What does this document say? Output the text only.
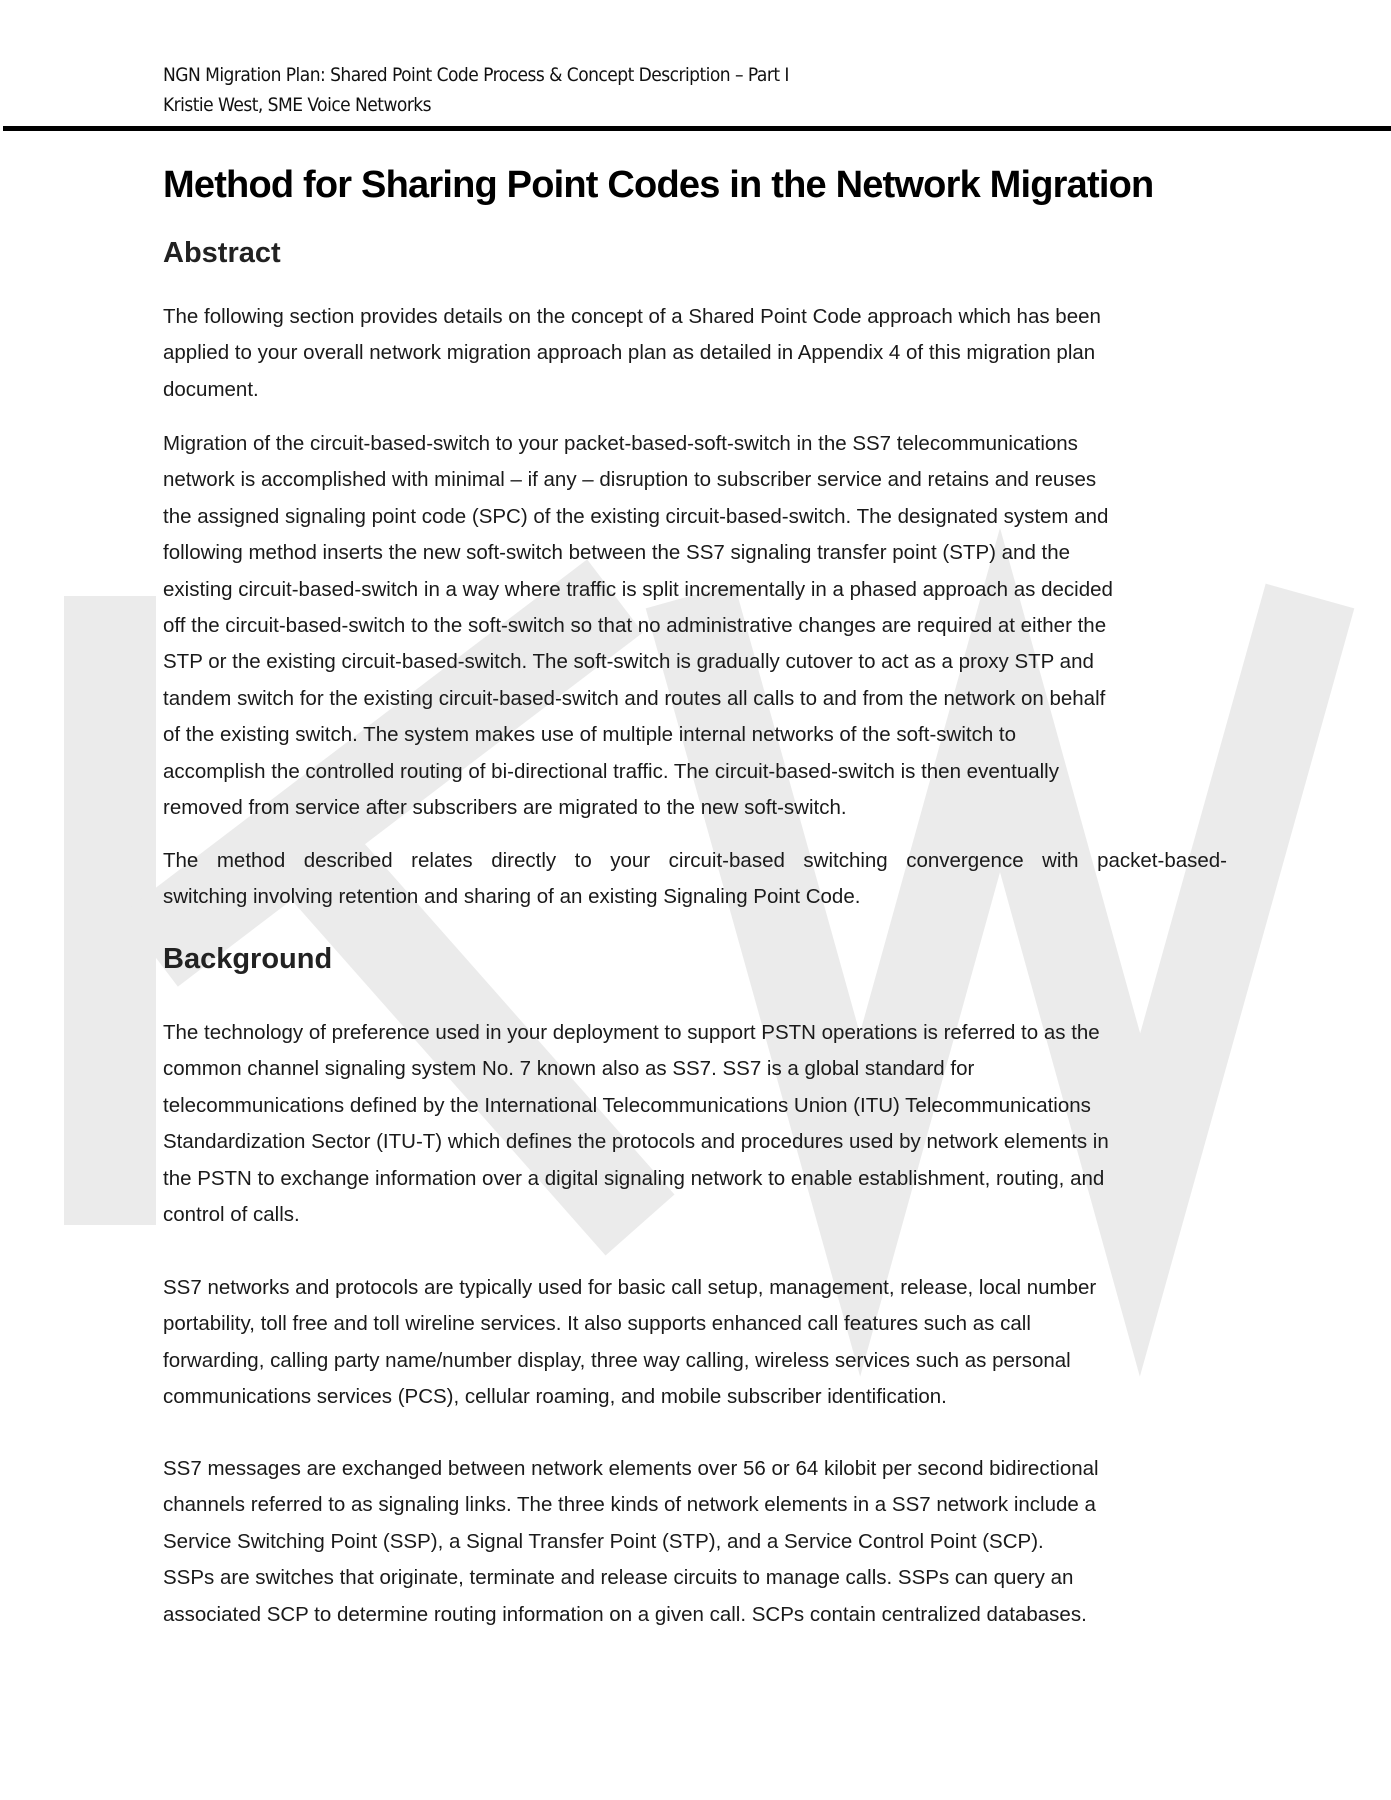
NGN Migration Plan: Shared Point Code Process & Concept Description – Part I
Kristie West, SME Voice Networks
Method for Sharing Point Codes in the Network Migration
Abstract
The following section provides details on the concept of a Shared Point Code approach which has been
applied to your overall network migration approach plan as detailed in Appendix 4 of this migration plan
document.
Migration of the circuit-based-switch to your packet-based-soft-switch in the SS7 telecommunications
network is accomplished with minimal – if any – disruption to subscriber service and retains and reuses
the assigned signaling point code (SPC) of the existing circuit-based-switch. The designated system and
following method inserts the new soft-switch between the SS7 signaling transfer point (STP) and the
existing circuit-based-switch in a way where traffic is split incrementally in a phased approach as decided
off the circuit-based-switch to the soft-switch so that no administrative changes are required at either the
STP or the existing circuit-based-switch. The soft-switch is gradually cutover to act as a proxy STP and
tandem switch for the existing circuit-based-switch and routes all calls to and from the network on behalf
of the existing switch. The system makes use of multiple internal networks of the soft-switch to
accomplish the controlled routing of bi-directional traffic. The circuit-based-switch is then eventually
removed from service after subscribers are migrated to the new soft-switch.
The method described relates directly to your circuit-based switching convergence with packet-based-
switching involving retention and sharing of an existing Signaling Point Code.
Background
The technology of preference used in your deployment to support PSTN operations is referred to as the
common channel signaling system No. 7 known also as SS7. SS7 is a global standard for
telecommunications defined by the International Telecommunications Union (ITU) Telecommunications
Standardization Sector (ITU-T) which defines the protocols and procedures used by network elements in
the PSTN to exchange information over a digital signaling network to enable establishment, routing, and
control of calls.
SS7 networks and protocols are typically used for basic call setup, management, release, local number
portability, toll free and toll wireline services. It also supports enhanced call features such as call
forwarding, calling party name/number display, three way calling, wireless services such as personal
communications services (PCS), cellular roaming, and mobile subscriber identification.
SS7 messages are exchanged between network elements over 56 or 64 kilobit per second bidirectional
channels referred to as signaling links. The three kinds of network elements in a SS7 network include a
Service Switching Point (SSP), a Signal Transfer Point (STP), and a Service Control Point (SCP).
SSPs are switches that originate, terminate and release circuits to manage calls. SSPs can query an
associated SCP to determine routing information on a given call. SCPs contain centralized databases.
